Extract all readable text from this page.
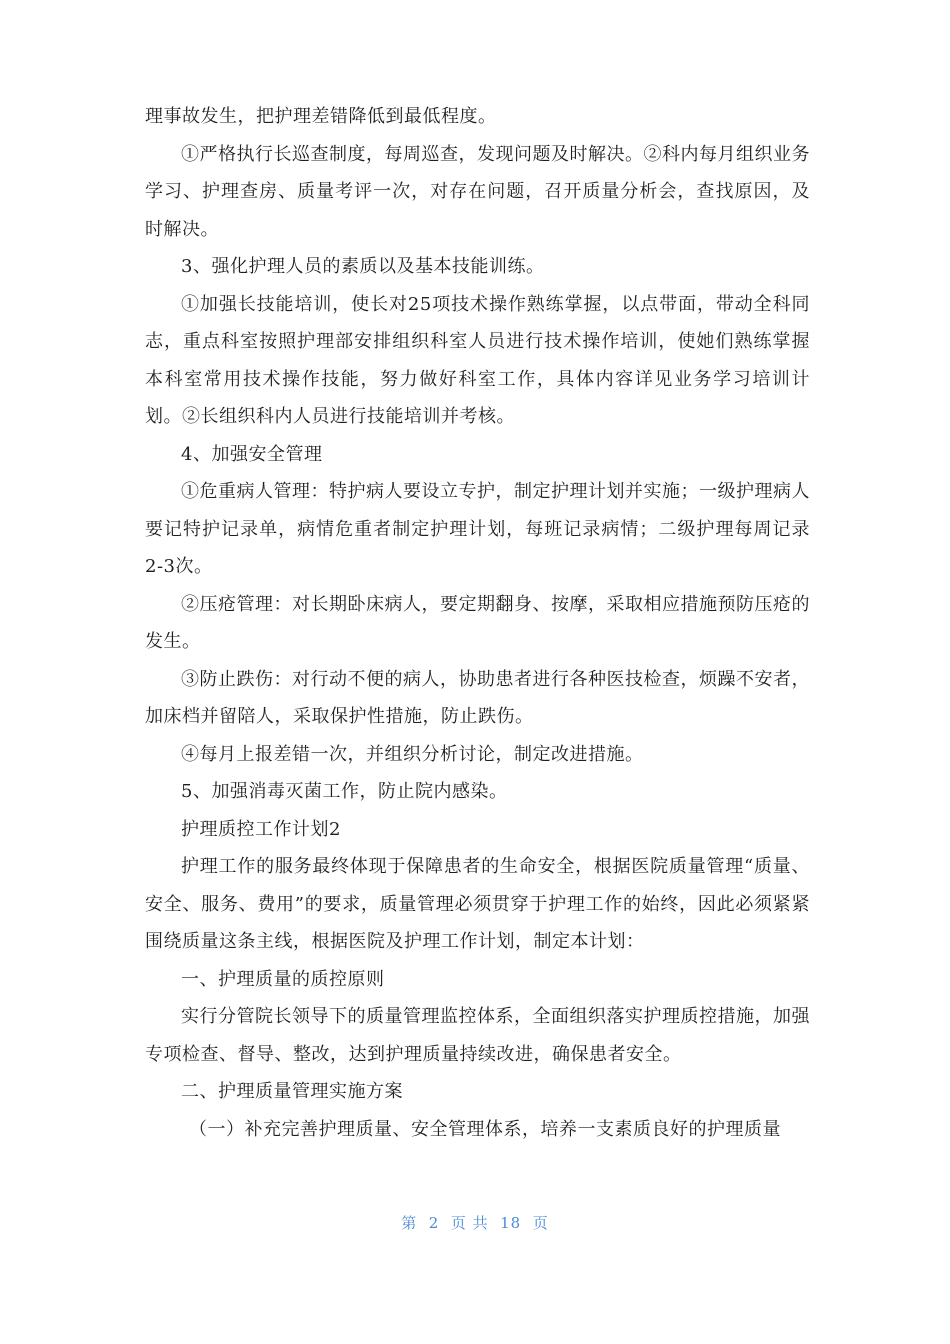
理事故发生，把护理差错降低到最低程度。

①严格执行长巡查制度，每周巡查，发现问题及时解决。②科内每月组织业务学习、护理查房、质量考评一次，对存在问题，召开质量分析会，查找原因，及时解决。

3、强化护理人员的素质以及基本技能训练。

①加强长技能培训，使长对25项技术操作熟练掌握，以点带面，带动全科同志，重点科室按照护理部安排组织科室人员进行技术操作培训，使她们熟练掌握本科室常用技术操作技能，努力做好科室工作，具体内容详见业务学习培训计划。②长组织科内人员进行技能培训并考核。

4、加强安全管理

①危重病人管理：特护病人要设立专护，制定护理计划并实施；一级护理病人要记特护记录单，病情危重者制定护理计划，每班记录病情；二级护理每周记录2-3次。

②压疮管理：对长期卧床病人，要定期翻身、按摩，采取相应措施预防压疮的发生。

③防止跌伤：对行动不便的病人，协助患者进行各种医技检查，烦躁不安者，加床档并留陪人，采取保护性措施，防止跌伤。

④每月上报差错一次，并组织分析讨论，制定改进措施。

5、加强消毒灭菌工作，防止院内感染。

护理质控工作计划2

护理工作的服务最终体现于保障患者的生命安全，根据医院质量管理“质量、安全、服务、费用”的要求，质量管理必须贯穿于护理工作的始终，因此必须紧紧围绕质量这条主线，根据医院及护理工作计划，制定本计划：

一、护理质量的质控原则

实行分管院长领导下的质量管理监控体系，全面组织落实护理质控措施，加强专项检查、督导、整改，达到护理质量持续改进，确保患者安全。

二、护理质量管理实施方案

（一）补充完善护理质量、安全管理体系，培养一支素质良好的护理质量

第  2  页 共  18  页
